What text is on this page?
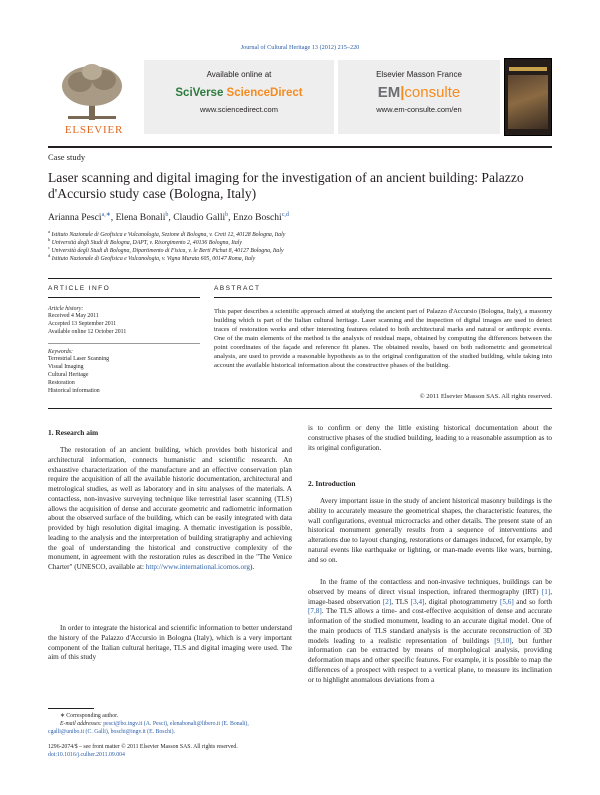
Journal of Cultural Heritage 13 (2012) 215–220
ELSEVIER
Available online at
SciVerse ScienceDirect
www.sciencedirect.com
Elsevier Masson France
EM|consulte
www.em-consulte.com/en
Case study
Laser scanning and digital imaging for the investigation of an ancient building: Palazzo d'Accursio study case (Bologna, Italy)
Arianna Pesci$^{a,∗}$, Elena Bonali$^b$, Claudio Galli$^b$, Enzo Boschi$^{c,d}$
$^a$ Istituto Nazionale di Geofisica e Vulcanologia, Sezione di Bologna, v. Creti 12, 40128 Bologna, Italy
$^b$ Università degli Studi di Bologna, DAPT, v. Risorgimento 2, 40136 Bologna, Italy
$^c$ Università degli Studi di Bologna, Dipartimento di Fisica, v. le Berti Pichat 8, 40127 Bologna, Italy
$^d$ Istituto Nazionale di Geofisica e Vulcanologia, v. Vigna Murata 605, 00147 Roma, Italy
ARTICLE INFO	ABSTRACT
Article history:
Received 4 May 2011
Accepted 13 September 2011
Available online 12 October 2011
Keywords:
Terrestrial Laser Scanning
Visual Imaging
Cultural Heritage
Restoration
Historical information
This paper describes a scientific approach aimed at studying the ancient part of Palazzo d'Accursio (Bologna, Italy), a masonry building which is part of the Italian cultural heritage. Laser scanning and the inspection of digital images are used to detect traces of restoration works and other interesting features related to both architectural marks and natural or anthropic events. One of the main elements of the method is the analysis of residual maps, obtained by computing the differences between the point coordinates of the façade and reference fit planes. The obtained results, based on both radiometric and geometrical analysis, are used to provide a reasonable hypothesis as to the original configuration of the studied building, while taking into account the available historical information about the constructive phases of the building.
© 2011 Elsevier Masson SAS. All rights reserved.
1. Research aim
The restoration of an ancient building, which provides both historical and architectural information, connects humanistic and scientific research. An exhaustive characterization of the manufacture and an effective conservation plan require the acquisition of all the available historic documentation, architectural and metrological studies, as well as laboratory and in situ analyses of the materials. A contactless, non-invasive surveying technique like terrestrial laser scanning (TLS) allows the acquisition of dense and accurate geometric and radiometric information about the observed surface of the building, which can be easily integrated with data provided by high resolution digital imaging. A thematic investigation is possible, leading to the analysis and the interpretation of building stratigraphy and achieving the goal of understanding the historical and constructive complexity of the monument, in agreement with the restoration rules as described in the "The Venice Charter" (UNESCO, available at: http://www.international.icomos.org).
In order to integrate the historical and scientific information to better understand the history of the Palazzo d'Accursio in Bologna (Italy), which is a very important component of the Italian cultural heritage, TLS and digital imaging were used. The aim of this study
∗ Corresponding author.
E-mail addresses: pesci@bo.ingv.it (A. Pesci), elenabonali@libero.it (E. Bonali),
cgalli@unibo.it (C. Galli), boschi@ingv.it (E. Boschi).
1296-2074/$ – see front matter © 2011 Elsevier Masson SAS. All rights reserved.
doi:10.1016/j.culher.2011.09.004
is to confirm or deny the little existing historical documentation about the constructive phases of the studied building, leading to a reasonable assumption as to its original configuration.
2. Introduction
Avery important issue in the study of ancient historical masonry buildings is the ability to accurately measure the geometrical shapes, the characteristic features, the wall configurations, eventual microcracks and other details. The present state of an historical monument generally results from a sequence of interventions and alterations due to layout changing, restorations or damages induced, for example, by natural events like earthquake or lighting, or man-made events like wars, burning, and so on.
In the frame of the contactless and non-invasive techniques, buildings can be observed by means of direct visual inspection, infrared thermography (IRT) [1], image-based observation [2], TLS [3,4], digital photogrammetry [5,6] and so forth [7,8]. The TLS allows a time- and cost-effective acquisition of dense and accurate information of the studied monument, leading to an accurate digital model. One of the main products of TLS standard analysis is the accurate reconstruction of 3D models leading to a realistic representation of buildings [9,10], but further information can be extracted by means of morphological analysis, providing deformation maps and other specific features. For example, it is possible to map the differences of a prospect with respect to a vertical plane, to measure its inclination or to highlight anomalous deviations from a
